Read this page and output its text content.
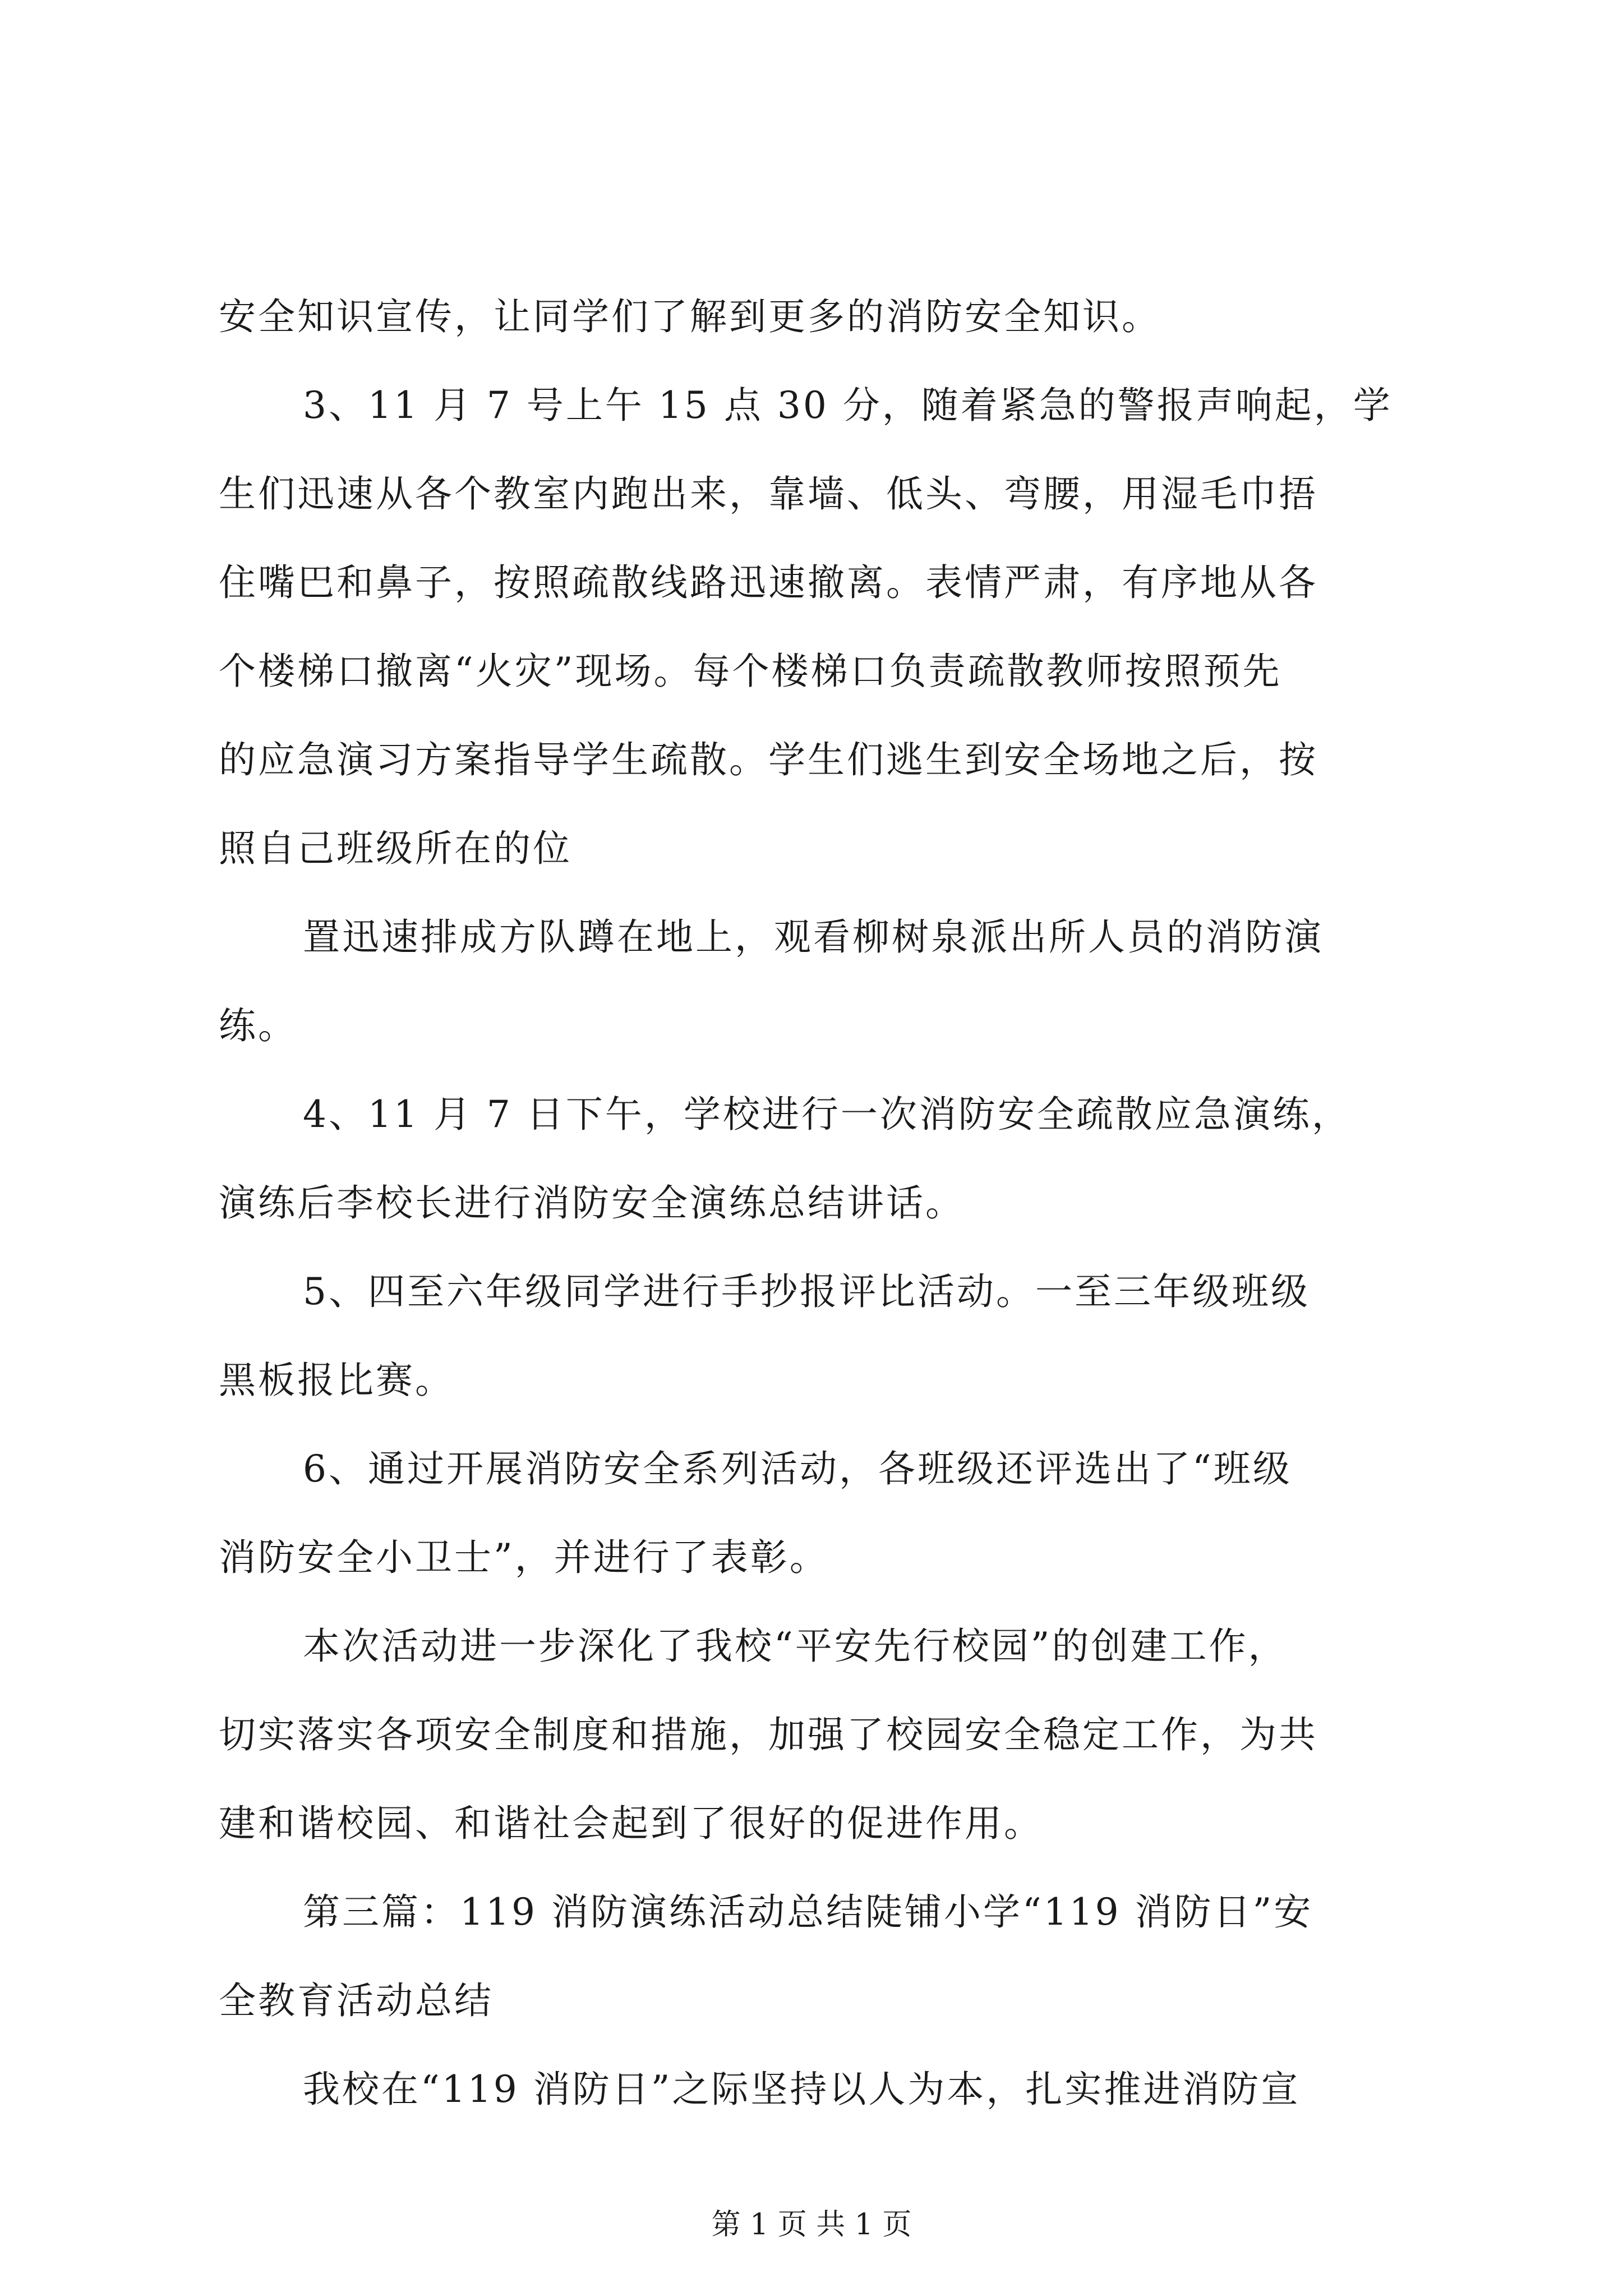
安全知识宣传，让同学们了解到更多的消防安全知识。
3、11 月 7 号上午 15 点 30 分，随着紧急的警报声响起，学
生们迅速从各个教室内跑出来，靠墙、低头、弯腰，用湿毛巾捂
住嘴巴和鼻子，按照疏散线路迅速撤离。表情严肃，有序地从各
个楼梯口撤离“火灾”现场。每个楼梯口负责疏散教师按照预先
的应急演习方案指导学生疏散。学生们逃生到安全场地之后，按
照自己班级所在的位
置迅速排成方队蹲在地上，观看柳树泉派出所人员的消防演
练。
4、11 月 7 日下午，学校进行一次消防安全疏散应急演练，
演练后李校长进行消防安全演练总结讲话。
5、四至六年级同学进行手抄报评比活动。一至三年级班级
黑板报比赛。
6、通过开展消防安全系列活动，各班级还评选出了“班级
消防安全小卫士”，并进行了表彰。
本次活动进一步深化了我校“平安先行校园”的创建工作，
切实落实各项安全制度和措施，加强了校园安全稳定工作，为共
建和谐校园、和谐社会起到了很好的促进作用。
第三篇：119 消防演练活动总结陡铺小学“119 消防日”安
全教育活动总结
我校在“119 消防日”之际坚持以人为本，扎实推进消防宣
第 1 页 共 1 页
